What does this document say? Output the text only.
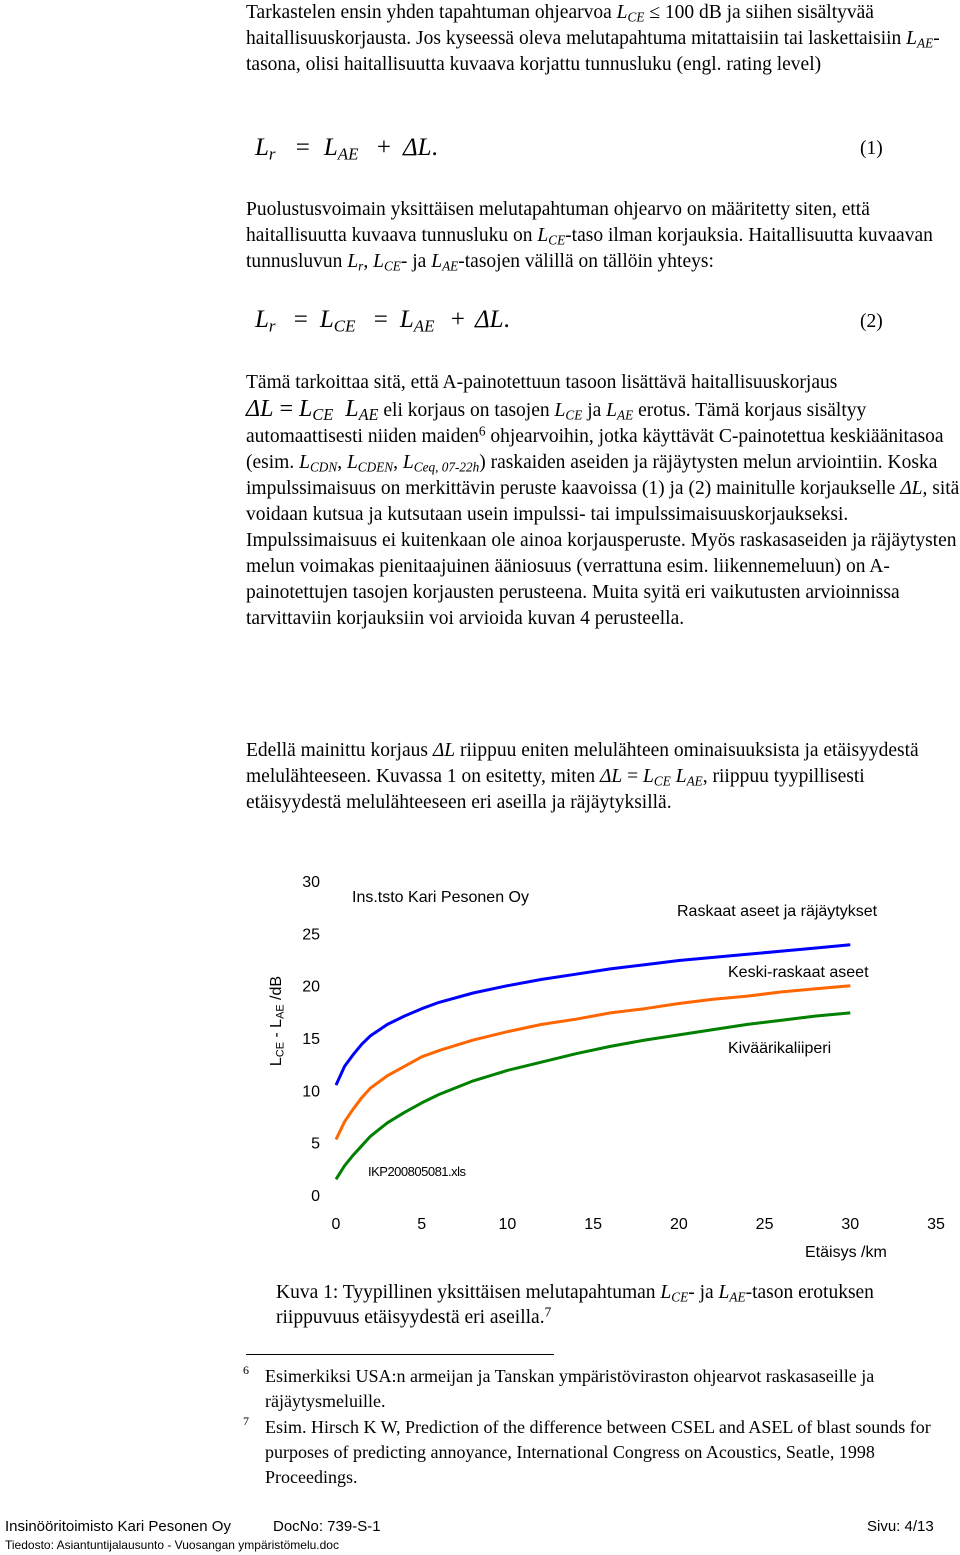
Tarkastelen ensin yhden tapahtuman ohjearvoa $L_{CE} \le 100$ dB ja siihen sisältyvää haitallisuuskorjausta. Jos kyseessä oleva melutapahtuma mitattaisiin tai laskettaisiin $L_{AE}$-tasona, olisi haitallisuutta kuvaava korjattu tunnusluku (engl. rating level)

$L_r = L_{AE} + \Delta L$.	(1)

Puolustusvoimain yksittäisen melutapahtuman ohjearvo on määritetty siten, että haitallisuutta kuvaava tunnusluku on $L_{CE}$-taso ilman korjauksia. Haitallisuutta kuvaavan tunnusluvun $L_r$, $L_{CE}-$ ja $L_{AE}$-tasojen välillä on tällöin yhteys:

$L_r = L_{CE} = L_{AE} + \Delta L$.	(2)

Tämä tarkoittaa sitä, että A-painotettuun tasoon lisättävä haitallisuuskorjaus
$\Delta L = L_{CE}$ $L_{AE}$ eli korjaus on tasojen $L_{CE}$ ja $L_{AE}$ erotus. Tämä korjaus sisältyy automaattisesti niiden maiden$^6$ ohjearvoihin, jotka käyttävät C-painotettua keskiäänitasoa (esim. $L_{CDN}$, $L_{CDEN}$, $L_{Ceq, 07-22h}$) raskaiden aseiden ja räjäytysten melun arviointiin. Koska impulssimaisuus on merkittävin peruste kaavoissa (1) ja (2) mainitulle korjaukselle ΔL, sitä voidaan kutsua ja kutsutaan usein impulssi- tai impulssimaisuuskorjaukseksi. Impulssimaisuus ei kuitenkaan ole ainoa korjausperuste. Myös raskasaseiden ja räjäytysten melun voimakas pienitaajuinen ääniosuus (verrattuna esim. liikennemeluun) on A-painotettujen tasojen korjausten perusteena. Muita syitä eri vaikutusten arvioinnissa tarvittaviin korjauksiin voi arvioida kuvan 4 perusteella.

Edellä mainittu korjaus ΔL riippuu eniten melulähteen ominaisuuksista ja etäisyydestä melulähteeseen. Kuvassa 1 on esitetty, miten $\Delta L = L_{CE}$ $L_{AE}$, riippuu tyypillisesti etäisyydestä melulähteeseen eri aseilla ja räjäytyksillä.

0
5
10
15
20
25
30
0	5	10	15	20	25	30	35
Ins.tsto Kari Pesonen Oy
IKP200805081.xls
Raskaat aseet ja räjäytykset
Keski-raskaat aseet
Kiväärikaliiperi
$L_{CE} - L_{AE}$ /dB
Etäisys /km
Kuva 1: Tyypillinen yksittäisen melutapahtuman $L_{CE}-$ ja $L_{AE}$-tason erotuksen riippuvuus etäisyydestä eri aseilla.$^7$
6 Esimerkiksi USA:n armeijan ja Tanskan ympäristöviraston ohjearvot raskasaseille ja räjäytysmeluille.
7 Esim. Hirsch K W, Prediction of the difference between CSEL and ASEL of blast sounds for purposes of predicting annoyance, International Congress on Acoustics, Seatle, 1998 Proceedings.
Insinööritoimisto Kari Pesonen Oy	DocNo: 739-S-1	Sivu: 4/13
Tiedosto: Asiantuntijalausunto - Vuosangan ympäristömelu.doc
